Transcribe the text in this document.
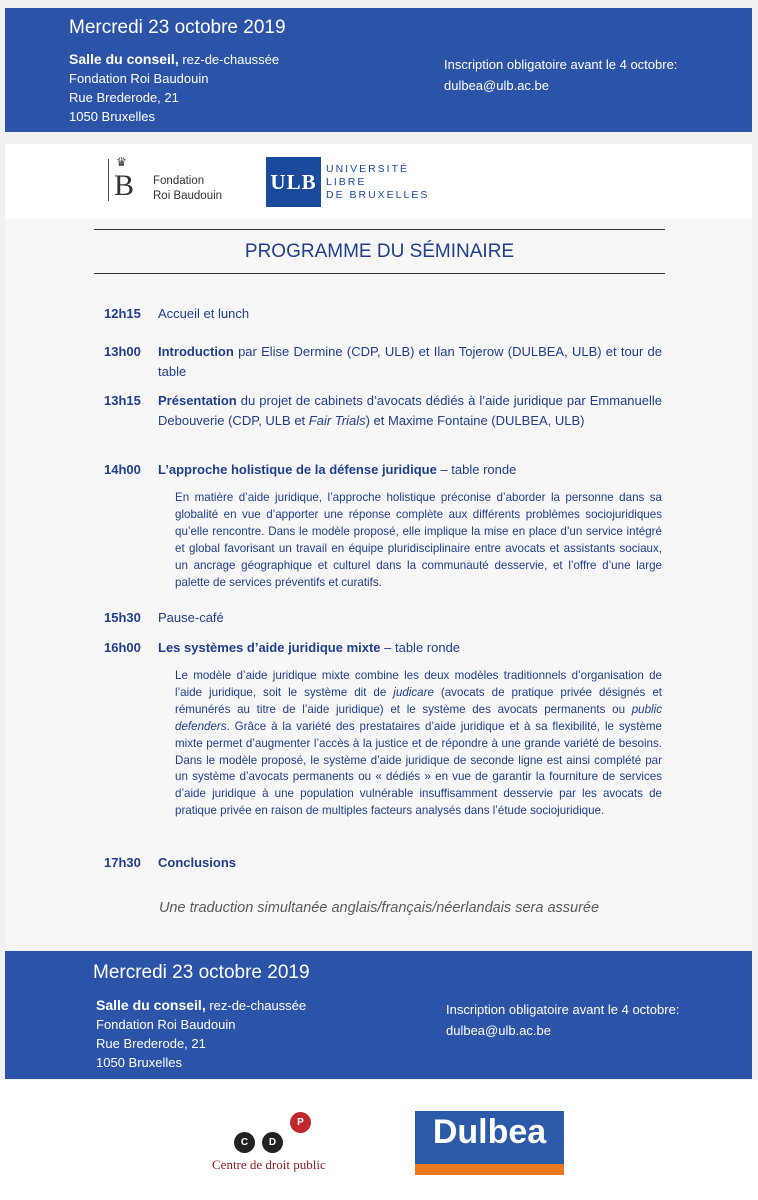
Mercredi 23 octobre 2019
Salle du conseil, rez-de-chaussée
Fondation Roi Baudouin
Rue Brederode, 21
1050 Bruxelles
Inscription obligatoire avant le 4 octobre:
dulbea@ulb.ac.be
♛
B Fondation
Roi Baudouin
ULB
UNIVERSITÉ
LIBRE
DE BRUXELLES
PROGRAMME DU SÉMINAIRE
12h15 Accueil et lunch
13h00 Introduction par Elise Dermine (CDP, ULB) et Ilan Tojerow (DULBEA, ULB) et tour de table
13h15 Présentation du projet de cabinets d’avocats dédiés à l’aide juridique par Emmanuelle Debouverie (CDP, ULB et Fair Trials) et Maxime Fontaine (DULBEA, ULB)
14h00 L’approche holistique de la défense juridique – table ronde
En matière d’aide juridique, l’approche holistique préconise d’aborder la personne dans sa globalité en vue d’apporter une réponse complète aux différents problèmes sociojuridiques qu’elle rencontre. Dans le modèle proposé, elle implique la mise en place d’un service intégré et global favorisant un travail en équipe pluridisciplinaire entre avocats et assistants sociaux, un ancrage géographique et culturel dans la communauté desservie, et l’offre d’une large palette de services préventifs et curatifs.
15h30 Pause-café
16h00 Les systèmes d’aide juridique mixte – table ronde
Le modèle d’aide juridique mixte combine les deux modèles traditionnels d’organisation de l’aide juridique, soit le système dit de judicare (avocats de pratique privée désignés et rémunérés au titre de l’aide juridique) et le système des avocats permanents ou public defenders. Grâce à la variété des prestataires d’aide juridique et à sa flexibilité, le système mixte permet d’augmenter l’accès à la justice et de répondre à une grande variété de besoins. Dans le modèle proposé, le système d’aide juridique de seconde ligne est ainsi complété par un système d’avocats permanents ou « dédiés » en vue de garantir la fourniture de services d’aide juridique à une population vulnérable insuffisamment desservie par les avocats de pratique privée en raison de multiples facteurs analysés dans l’étude sociojuridique.
17h30 Conclusions
Une traduction simultanée anglais/français/néerlandais sera assurée
Mercredi 23 octobre 2019
Salle du conseil, rez-de-chaussée
Fondation Roi Baudouin
Rue Brederode, 21
1050 Bruxelles
Inscription obligatoire avant le 4 octobre:
dulbea@ulb.ac.be
C	D
P
Centre de droit public
Dulbea
